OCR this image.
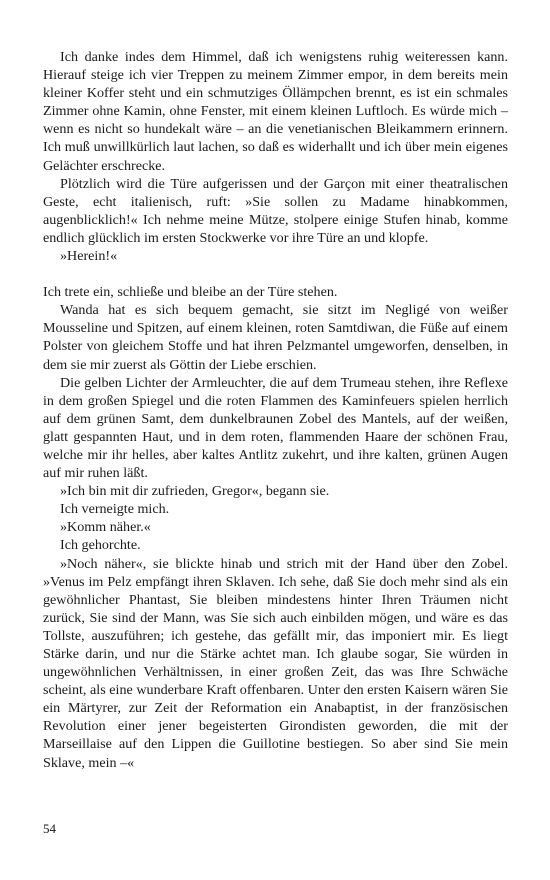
Ich danke indes dem Himmel, daß ich wenigstens ruhig weiteressen kann. Hierauf steige ich vier Treppen zu meinem Zimmer empor, in dem bereits mein kleiner Koffer steht und ein schmutziges Öllämpchen brennt, es ist ein schmales Zimmer ohne Kamin, ohne Fenster, mit einem kleinen Luftloch. Es würde mich – wenn es nicht so hundekalt wäre – an die venetianischen Bleikammern erinnern. Ich muß unwillkürlich laut lachen, so daß es widerhallt und ich über mein eigenes Gelächter erschrecke.

Plötzlich wird die Türe aufgerissen und der Garçon mit einer theatralischen Geste, echt italienisch, ruft: »Sie sollen zu Madame hinabkommen, augenblicklich!« Ich nehme meine Mütze, stolpere einige Stufen hinab, komme endlich glücklich im ersten Stockwerke vor ihre Türe an und klopfe.

»Herein!«

Ich trete ein, schließe und bleibe an der Türe stehen.

Wanda hat es sich bequem gemacht, sie sitzt im Negligé von weißer Mousseline und Spitzen, auf einem kleinen, roten Samtdiwan, die Füße auf einem Polster von gleichem Stoffe und hat ihren Pelzmantel umgeworfen, denselben, in dem sie mir zuerst als Göttin der Liebe erschien.

Die gelben Lichter der Armleuchter, die auf dem Trumeau stehen, ihre Reflexe in dem großen Spiegel und die roten Flammen des Kaminfeuers spielen herrlich auf dem grünen Samt, dem dunkelbraunen Zobel des Mantels, auf der weißen, glatt gespannten Haut, und in dem roten, flammenden Haare der schönen Frau, welche mir ihr helles, aber kaltes Antlitz zukehrt, und ihre kalten, grünen Augen auf mir ruhen läßt.

»Ich bin mit dir zufrieden, Gregor«, begann sie.

Ich verneigte mich.

»Komm näher.«

Ich gehorchte.

»Noch näher«, sie blickte hinab und strich mit der Hand über den Zobel. »Venus im Pelz empfängt ihren Sklaven. Ich sehe, daß Sie doch mehr sind als ein gewöhnlicher Phantast, Sie bleiben mindestens hinter Ihren Träumen nicht zurück, Sie sind der Mann, was Sie sich auch einbilden mögen, und wäre es das Tollste, auszuführen; ich gestehe, das gefällt mir, das imponiert mir. Es liegt Stärke darin, und nur die Stärke achtet man. Ich glaube sogar, Sie würden in ungewöhnlichen Verhältnissen, in einer großen Zeit, das was Ihre Schwäche scheint, als eine wunderbare Kraft offenbaren. Unter den ersten Kaisern wären Sie ein Märtyrer, zur Zeit der Reformation ein Anabaptist, in der französischen Revolution einer jener begeisterten Girondisten geworden, die mit der Marseillaise auf den Lippen die Guillotine bestiegen. So aber sind Sie mein Sklave, mein –«

54
